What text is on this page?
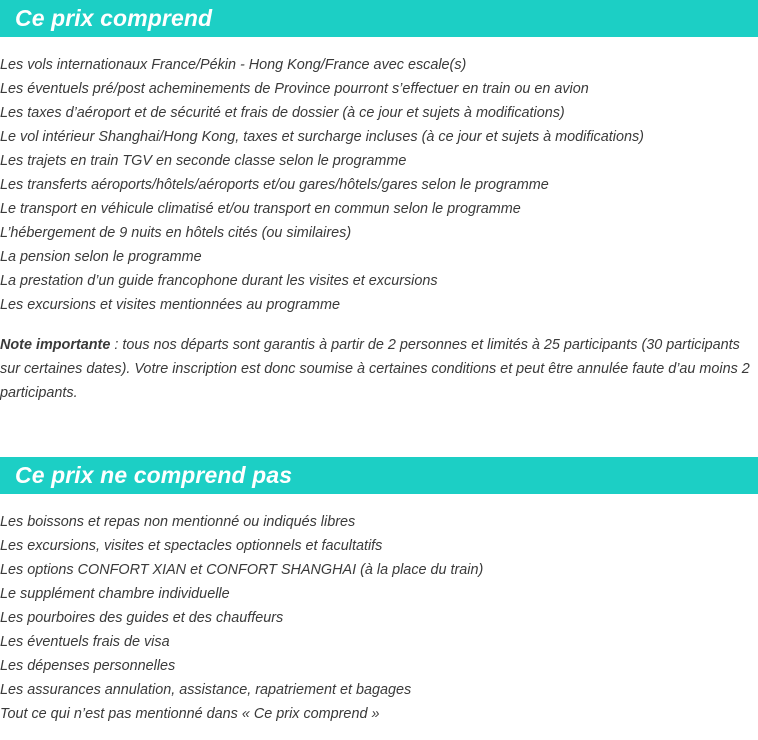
Ce prix comprend
Les vols internationaux France/Pékin - Hong Kong/France avec escale(s)
Les éventuels pré/post acheminements de Province pourront s’effectuer en train ou en avion
Les taxes d’aéroport et de sécurité et frais de dossier (à ce jour et sujets à modifications)
Le vol intérieur Shanghai/Hong Kong, taxes et surcharge incluses (à ce jour et sujets à modifications)
Les trajets en train TGV en seconde classe selon le programme
Les transferts aéroports/hôtels/aéroports et/ou gares/hôtels/gares selon le programme
Le transport en véhicule climatisé et/ou transport en commun selon le programme
L’hébergement de 9 nuits en hôtels cités (ou similaires)
La pension selon le programme
La prestation d’un guide francophone durant les visites et excursions
Les excursions et visites mentionnées au programme

Note importante : tous nos départs sont garantis à partir de 2 personnes et limités à 25 participants (30 participants sur certaines dates). Votre inscription est donc soumise à certaines conditions et peut être annulée faute d’au moins 2 participants.

Ce prix ne comprend pas
Les boissons et repas non mentionné ou indiqués libres
Les excursions, visites et spectacles optionnels et facultatifs
Les options CONFORT XIAN et CONFORT SHANGHAI (à la place du train)
Le supplément chambre individuelle
Les pourboires des guides et des chauffeurs
Les éventuels frais de visa
Les dépenses personnelles
Les assurances annulation, assistance, rapatriement et bagages
Tout ce qui n’est pas mentionné dans « Ce prix comprend »
